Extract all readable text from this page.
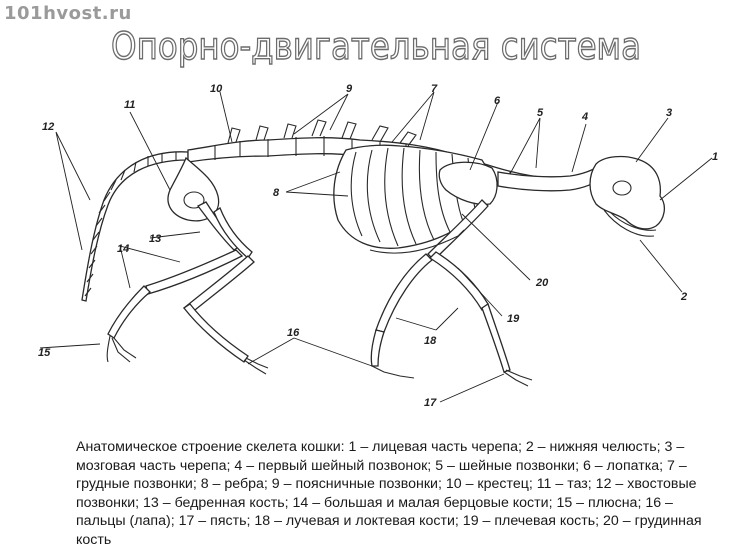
101hvost.ru
Опорно-двигательная система
1
2
3
4
5
6
7
8
9
10
11
12
13
14
15
16
17
18
19
20
Анатомическое строение скелета кошки: 1 – лицевая часть черепа; 2 – нижняя челюсть; 3 – мозговая часть черепа; 4 – первый шейный позвонок; 5 – шейные позвонки; 6 – лопатка; 7 – грудные позвонки; 8 – ребра; 9 – поясничные позвонки; 10 – крестец; 11 – таз; 12 – хвостовые позвонки; 13 – бедренная кость; 14 – большая и малая берцовые кости; 15 – плюсна; 16 – пальцы (лапа); 17 – пясть; 18 – лучевая и локтевая кости; 19 – плечевая кость; 20 – грудинная кость
